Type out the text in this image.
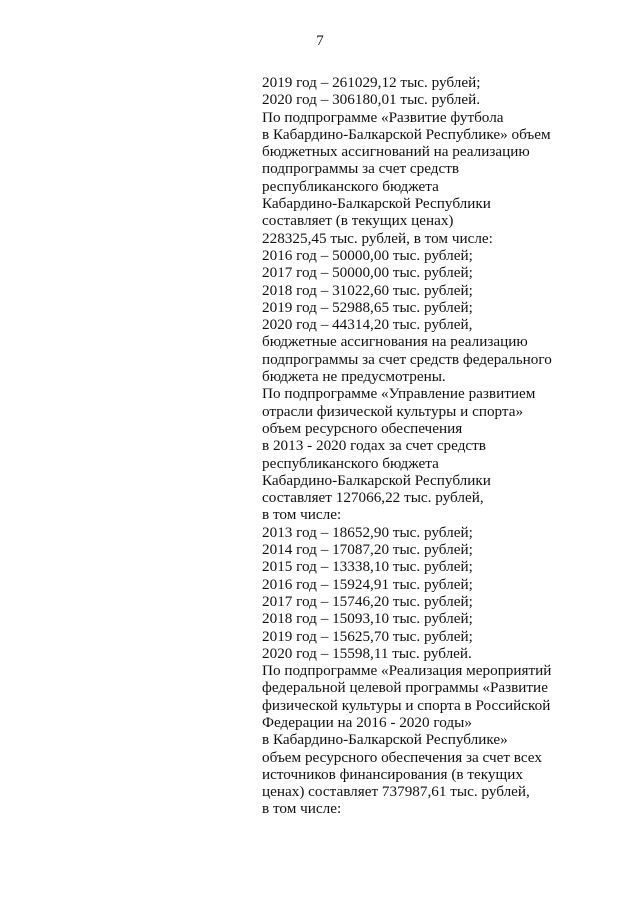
7
2019 год – 261029,12 тыс. рублей;
2020 год – 306180,01 тыс. рублей.
По подпрограмме «Развитие футбола
в Кабардино-Балкарской Республике» объем
бюджетных ассигнований на реализацию
подпрограммы за счет средств
республиканского бюджета
Кабардино-Балкарской Республики
составляет (в текущих ценах)
228325,45 тыс. рублей, в том числе:
2016 год – 50000,00 тыс. рублей;
2017 год – 50000,00 тыс. рублей;
2018 год – 31022,60 тыс. рублей;
2019 год – 52988,65 тыс. рублей;
2020 год – 44314,20 тыс. рублей,
бюджетные ассигнования на реализацию
подпрограммы за счет средств федерального
бюджета не предусмотрены.
По подпрограмме «Управление развитием
отрасли физической культуры и спорта»
объем ресурсного обеспечения
в 2013 - 2020 годах за счет средств
республиканского бюджета
Кабардино-Балкарской Республики
составляет 127066,22 тыс. рублей,
в том числе:
2013 год – 18652,90 тыс. рублей;
2014 год – 17087,20 тыс. рублей;
2015 год – 13338,10 тыс. рублей;
2016 год – 15924,91 тыс. рублей;
2017 год – 15746,20 тыс. рублей;
2018 год – 15093,10 тыс. рублей;
2019 год – 15625,70 тыс. рублей;
2020 год – 15598,11 тыс. рублей.
По подпрограмме «Реализация мероприятий
федеральной целевой программы «Развитие
физической культуры и спорта в Российской
Федерации на 2016 - 2020 годы»
в Кабардино-Балкарской Республике»
объем ресурсного обеспечения за счет всех
источников финансирования (в текущих
ценах) составляет 737987,61 тыс. рублей,
в том числе:
